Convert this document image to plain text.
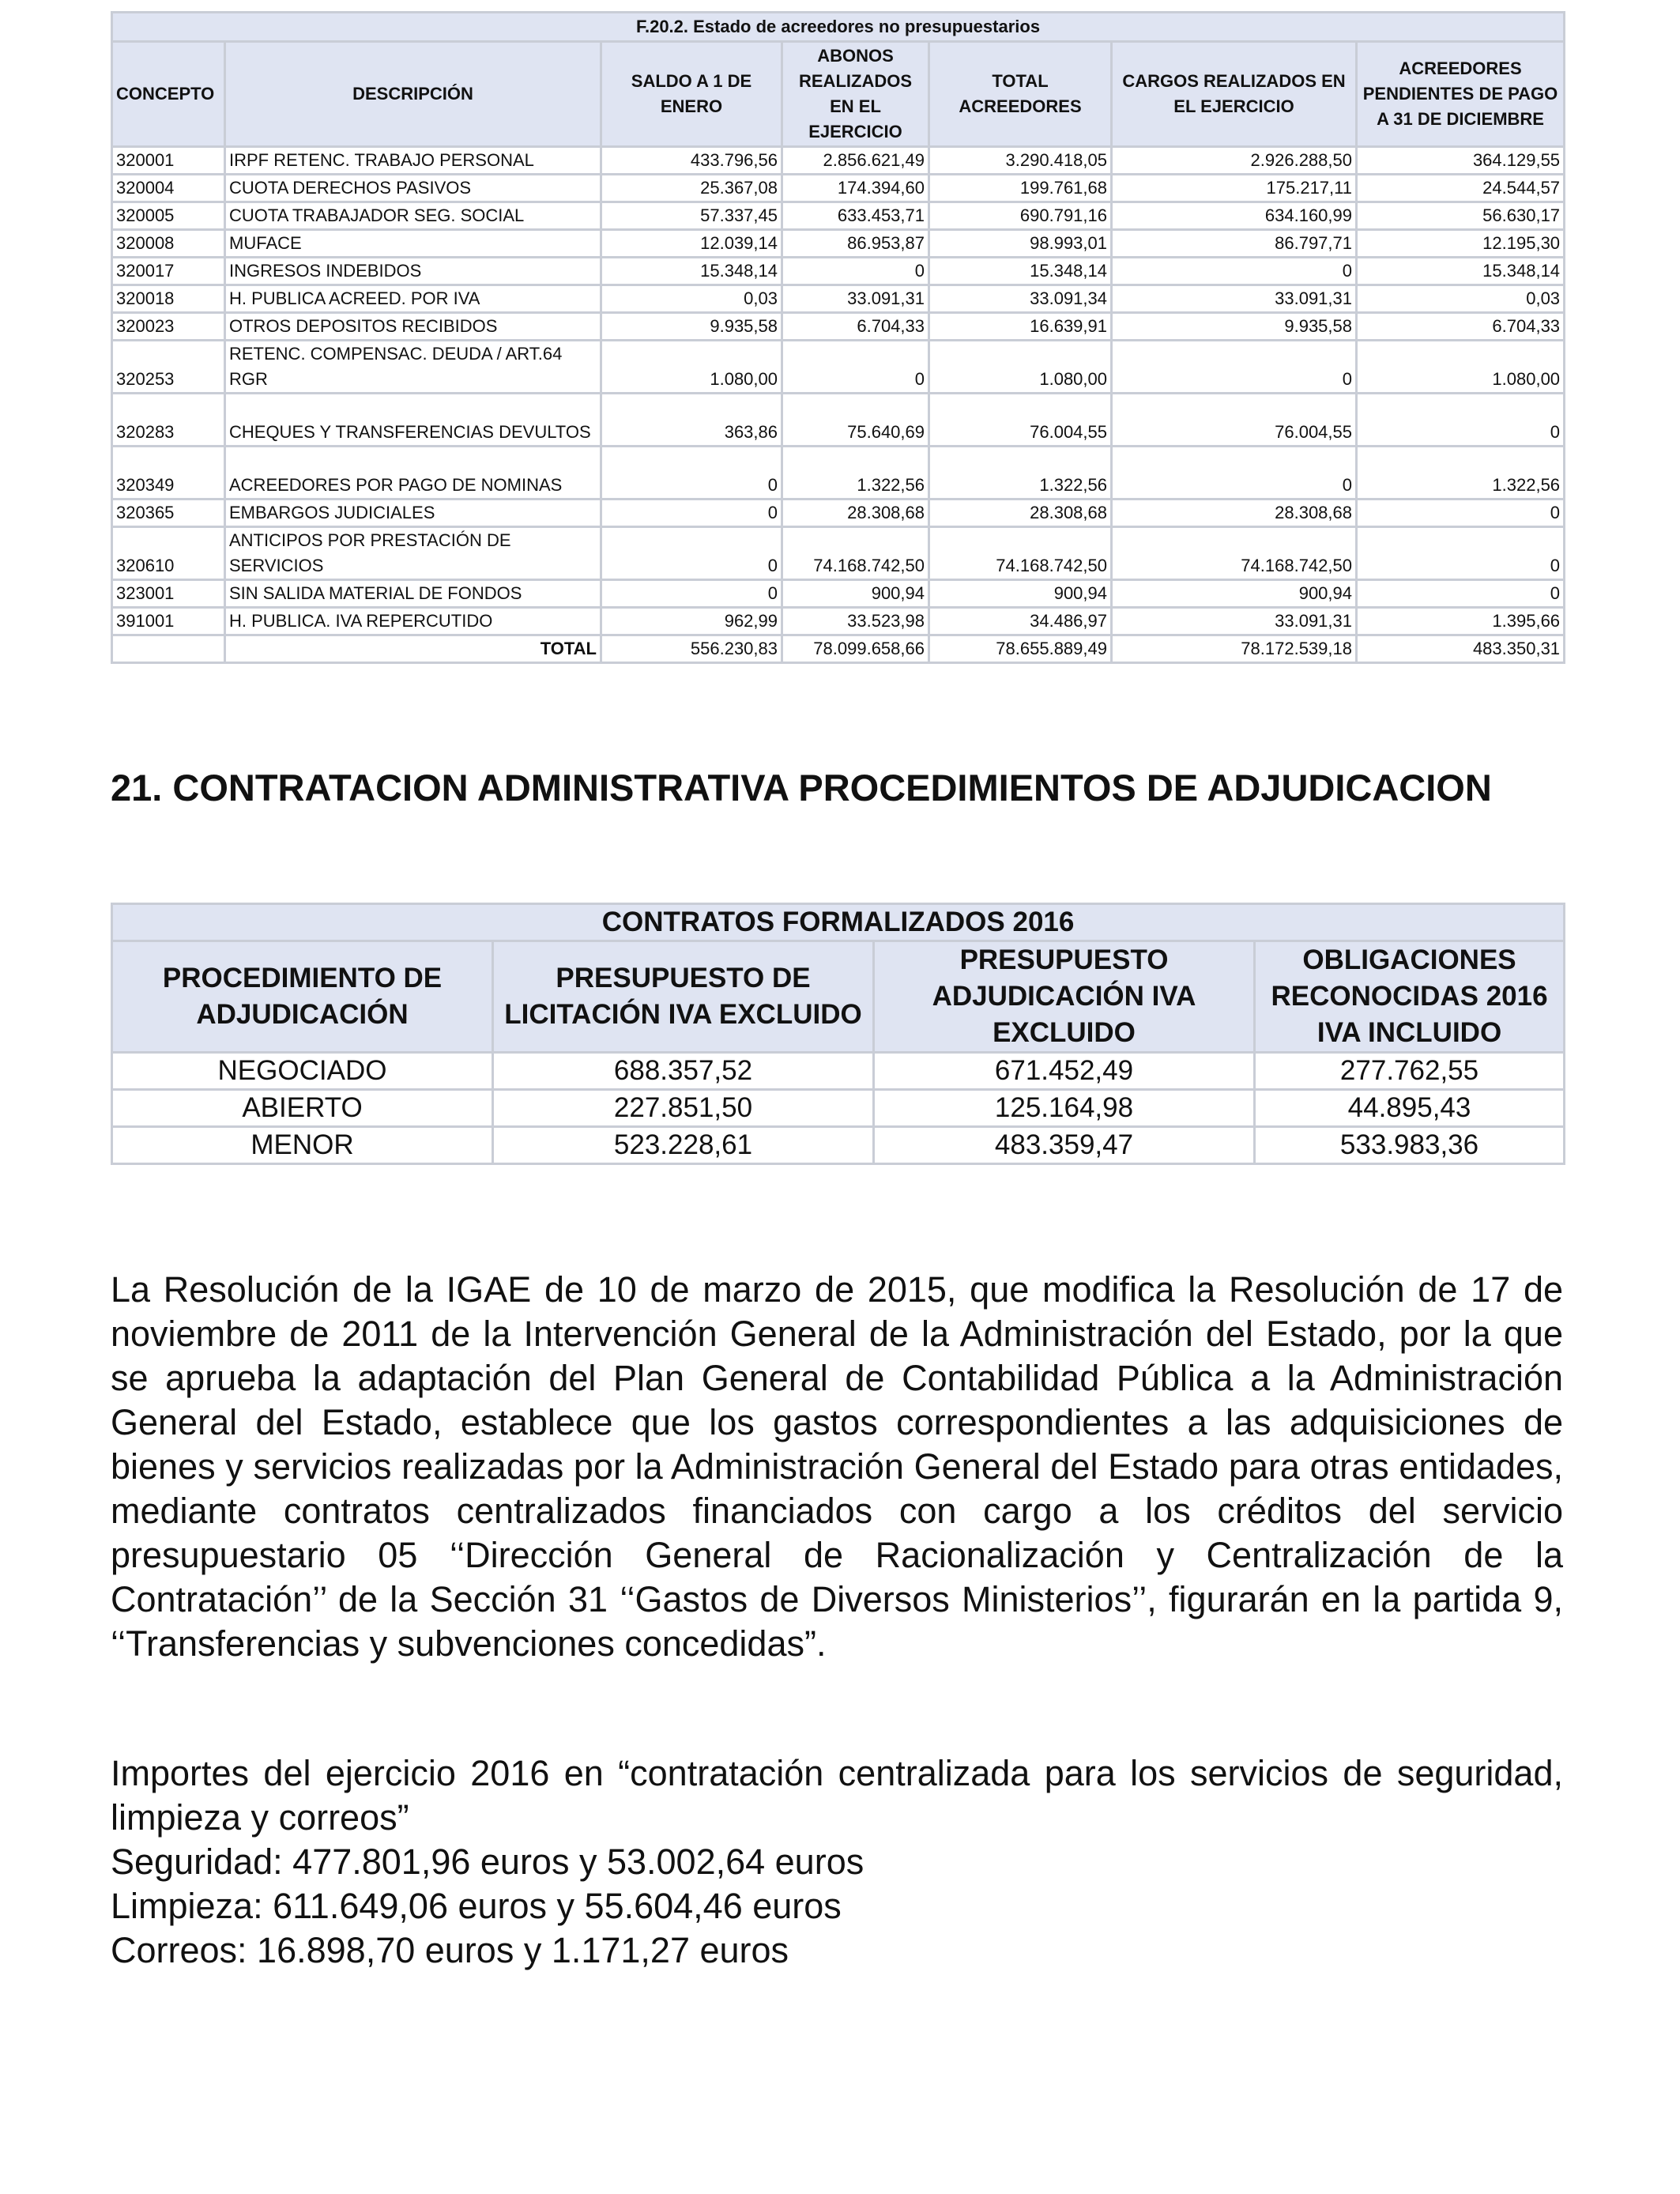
F.20.2. Estado de acreedores no presupuestarios						
CONCEPTO	DESCRIPCIÓN	SALDO A 1 DE ENERO	ABONOS REALIZADOS EN EL EJERCICIO	TOTAL ACREEDORES	CARGOS REALIZADOS EN EL EJERCICIO	ACREEDORES PENDIENTES DE PAGO A 31 DE DICIEMBRE
320001	IRPF RETENC. TRABAJO PERSONAL	433.796,56	2.856.621,49	3.290.418,05	2.926.288,50	364.129,55
320004	CUOTA DERECHOS PASIVOS	25.367,08	174.394,60	199.761,68	175.217,11	24.544,57
320005	CUOTA TRABAJADOR SEG. SOCIAL	57.337,45	633.453,71	690.791,16	634.160,99	56.630,17
320008	MUFACE	12.039,14	86.953,87	98.993,01	86.797,71	12.195,30
320017	INGRESOS INDEBIDOS	15.348,14	0	15.348,14	0	15.348,14
320018	H. PUBLICA ACREED. POR IVA	0,03	33.091,31	33.091,34	33.091,31	0,03
320023	OTROS DEPOSITOS RECIBIDOS	9.935,58	6.704,33	16.639,91	9.935,58	6.704,33
320253	RETENC. COMPENSAC. DEUDA / ART.64 RGR	1.080,00	0	1.080,00	0	1.080,00
320283	CHEQUES Y TRANSFERENCIAS DEVULTOS	363,86	75.640,69	76.004,55	76.004,55	0
320349	ACREEDORES POR PAGO DE NOMINAS	0	1.322,56	1.322,56	0	1.322,56
320365	EMBARGOS JUDICIALES	0	28.308,68	28.308,68	28.308,68	0
320610	ANTICIPOS POR PRESTACIÓN DE SERVICIOS	0	74.168.742,50	74.168.742,50	74.168.742,50	0
323001	SIN SALIDA MATERIAL DE FONDOS	0	900,94	900,94	900,94	0
391001	H. PUBLICA. IVA REPERCUTIDO	962,99	33.523,98	34.486,97	33.091,31	1.395,66
	TOTAL	556.230,83	78.099.658,66	78.655.889,49	78.172.539,18	483.350,31
21. CONTRATACION ADMINISTRATIVA PROCEDIMIENTOS DE ADJUDICACION
CONTRATOS FORMALIZADOS 2016			
PROCEDIMIENTO DE ADJUDICACIÓN	PRESUPUESTO DE LICITACIÓN IVA EXCLUIDO	PRESUPUESTO ADJUDICACIÓN IVA EXCLUIDO	OBLIGACIONES RECONOCIDAS 2016 IVA INCLUIDO
NEGOCIADO	688.357,52	671.452,49	277.762,55
ABIERTO	227.851,50	125.164,98	44.895,43
MENOR	523.228,61	483.359,47	533.983,36

La Resolución de la IGAE de 10 de marzo de 2015, que modifica la Resolución de 17 de noviembre de 2011 de la Intervención General de la Administración del Estado, por la que se aprueba la adaptación del Plan General de Contabilidad Pública a la Administración General del Estado, establece que los gastos correspondientes a las adquisiciones de bienes y servicios realizadas por la Administración General del Estado para otras entidades, mediante contratos centralizados financiados con cargo a los créditos del servicio presupuestario 05 ‘‘Dirección General de Racionalización y Centralización de la Contratación’’ de la Sección 31 ‘‘Gastos de Diversos Ministerios’’, figurarán en la partida 9, ‘‘Transferencias y subvenciones concedidas”.

Importes del ejercicio 2016 en “contratación centralizada para los servicios de seguridad, limpieza y correos”

Seguridad: 477.801,96 euros y 53.002,64 euros

Limpieza: 611.649,06 euros y 55.604,46 euros

Correos: 16.898,70 euros y 1.171,27 euros
